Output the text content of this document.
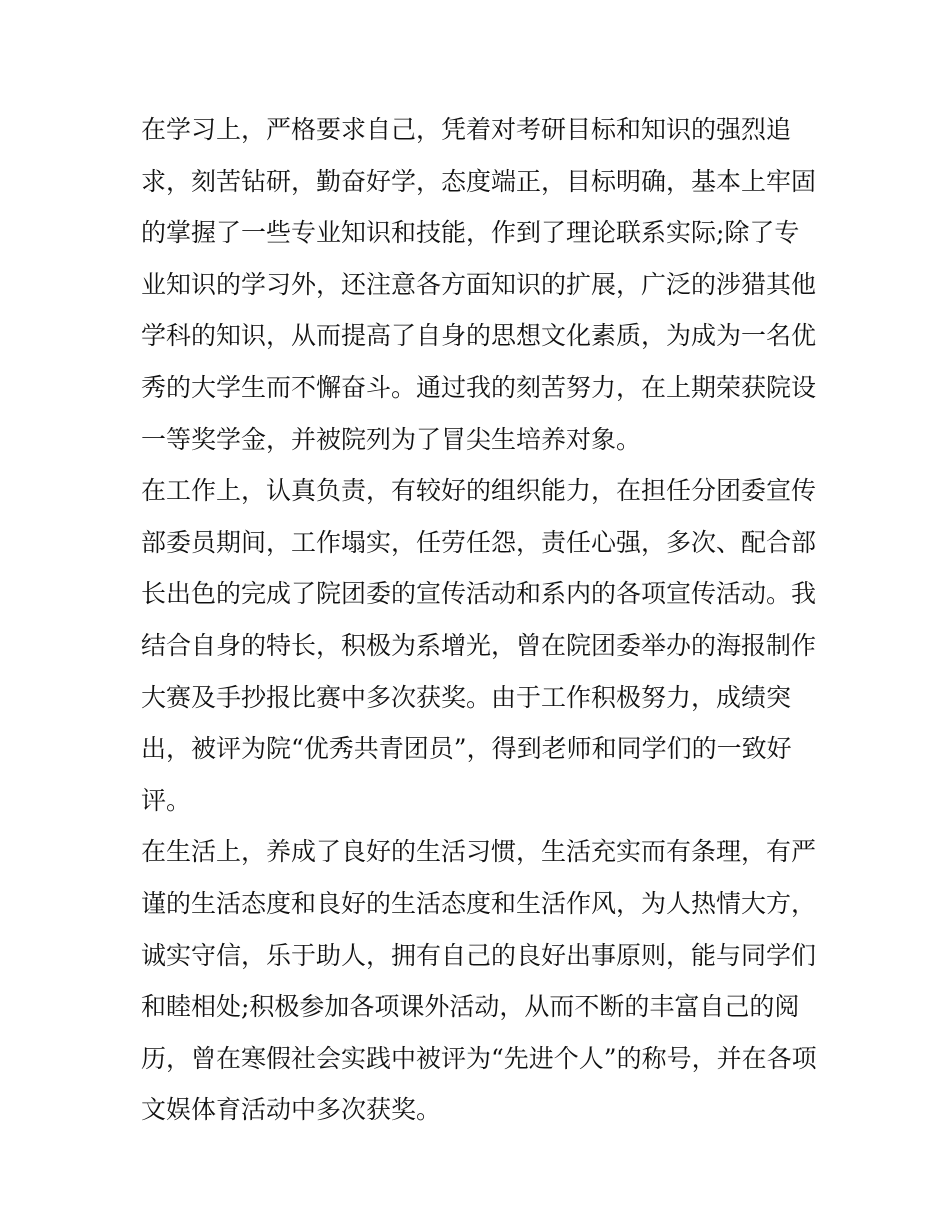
在学习上，严格要求自己，凭着对考研目标和知识的强烈追
求，刻苦钻研，勤奋好学，态度端正，目标明确，基本上牢固
的掌握了一些专业知识和技能，作到了理论联系实际;除了专
业知识的学习外，还注意各方面知识的扩展，广泛的涉猎其他
学科的知识，从而提高了自身的思想文化素质，为成为一名优
秀的大学生而不懈奋斗。通过我的刻苦努力，在上期荣获院设
一等奖学金，并被院列为了冒尖生培养对象。
在工作上，认真负责，有较好的组织能力，在担任分团委宣传
部委员期间，工作塌实，任劳任怨，责任心强，多次、配合部
长出色的完成了院团委的宣传活动和系内的各项宣传活动。我
结合自身的特长，积极为系增光，曾在院团委举办的海报制作
大赛及手抄报比赛中多次获奖。由于工作积极努力，成绩突
出，被评为院“优秀共青团员”，得到老师和同学们的一致好
评。
在生活上，养成了良好的生活习惯，生活充实而有条理，有严
谨的生活态度和良好的生活态度和生活作风，为人热情大方，
诚实守信，乐于助人，拥有自己的良好出事原则，能与同学们
和睦相处;积极参加各项课外活动，从而不断的丰富自己的阅
历，曾在寒假社会实践中被评为“先进个人”的称号，并在各项
文娱体育活动中多次获奖。
